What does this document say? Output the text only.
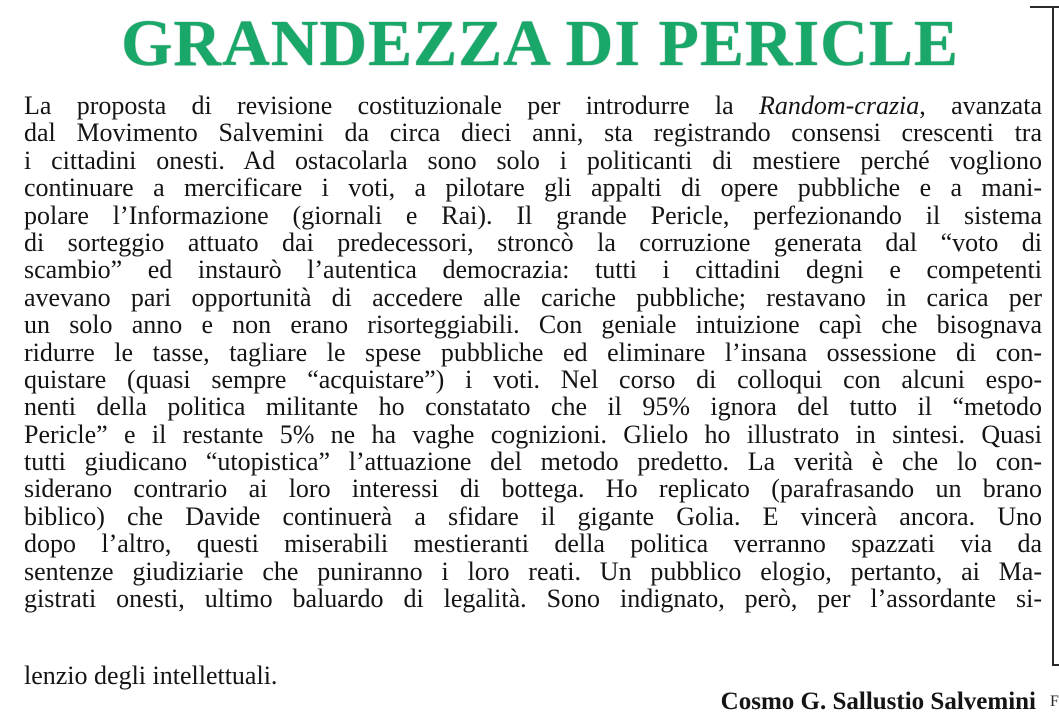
GRANDEZZA DI PERICLE
La proposta di revisione costituzionale per introdurre la Random-crazia, avanzata
dal Movimento Salvemini da circa dieci anni, sta registrando consensi crescenti tra
i cittadini onesti. Ad ostacolarla sono solo i politicanti di mestiere perché vogliono
continuare a mercificare i voti, a pilotare gli appalti di opere pubbliche e a mani-
polare l’Informazione (giornali e Rai). Il grande Pericle, perfezionando il sistema
di sorteggio attuato dai predecessori, stroncò la corruzione generata dal “voto di
scambio” ed instaurò l’autentica democrazia: tutti i cittadini degni e competenti
avevano pari opportunità di accedere alle cariche pubbliche; restavano in carica per
un solo anno e non erano risorteggiabili. Con geniale intuizione capì che bisognava
ridurre le tasse, tagliare le spese pubbliche ed eliminare l’insana ossessione di con-
quistare (quasi sempre “acquistare”) i voti. Nel corso di colloqui con alcuni espo-
nenti della politica militante ho constatato che il 95% ignora del tutto il “metodo
Pericle” e il restante 5% ne ha vaghe cognizioni. Glielo ho illustrato in sintesi. Quasi
tutti giudicano “utopistica” l’attuazione del metodo predetto. La verità è che lo con-
siderano contrario ai loro interessi di bottega. Ho replicato (parafrasando un brano
biblico) che Davide continuerà a sfidare il gigante Golia. E vincerà ancora. Uno
dopo l’altro, questi miserabili mestieranti della politica verranno spazzati via da
sentenze giudiziarie che puniranno i loro reati. Un pubblico elogio, pertanto, ai Ma-
gistrati onesti, ultimo baluardo di legalità. Sono indignato, però, per l’assordante si-
lenzio degli intellettuali.
Cosmo G. Sallustio Salvemini F
